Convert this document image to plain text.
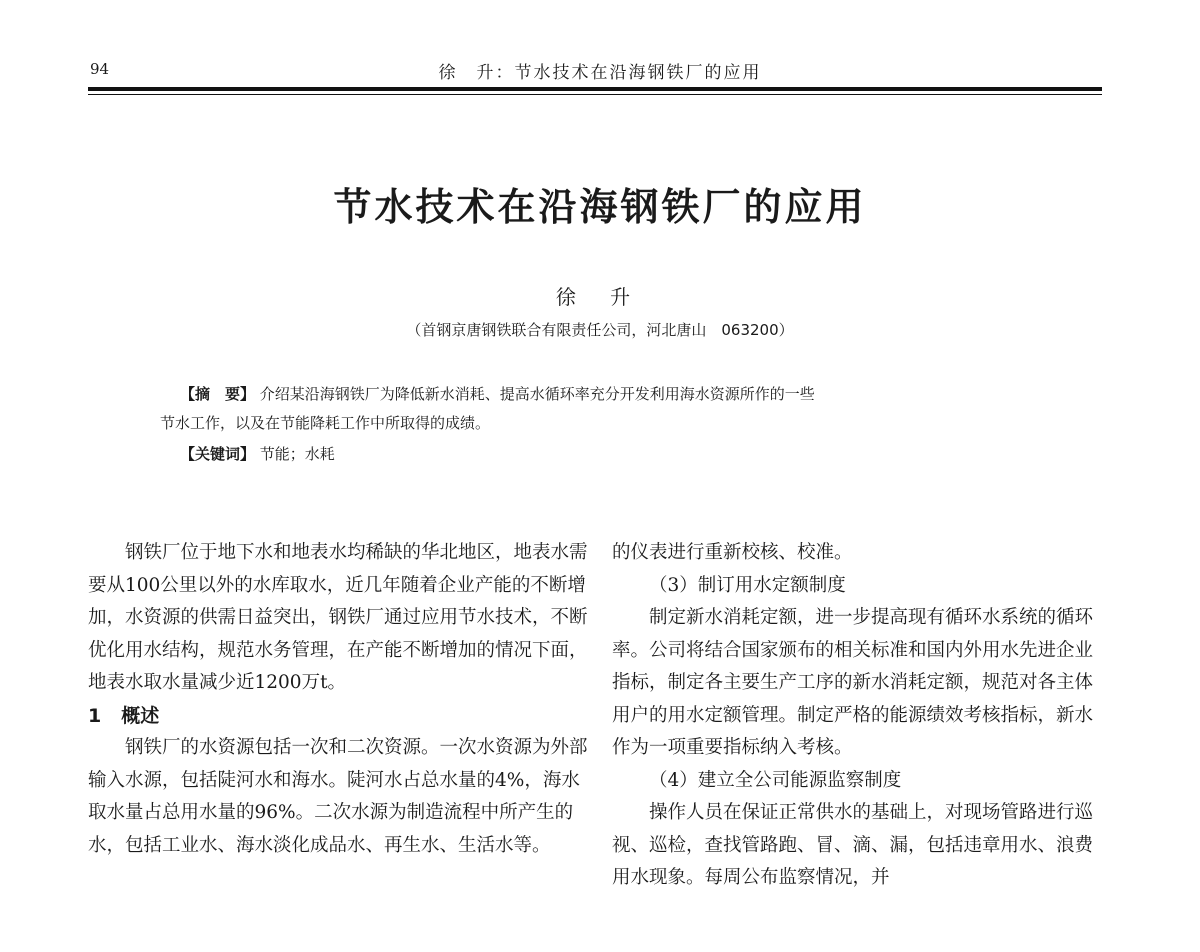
94	徐　升：节水技术在沿海钢铁厂的应用
节水技术在沿海钢铁厂的应用
徐 升
（首钢京唐钢铁联合有限责任公司，河北唐山　063200）
【摘　要】 介绍某沿海钢铁厂为降低新水消耗、提高水循环率充分开发利用海水资源所作的一些
节水工作，以及在节能降耗工作中所取得的成绩。
【关键词】 节能；水耗

钢铁厂位于地下水和地表水均稀缺的华北地区，地表水需要从100公里以外的水库取水，近几年随着企业产能的不断增加，水资源的供需日益突出，钢铁厂通过应用节水技术，不断优化用水结构，规范水务管理，在产能不断增加的情况下面，地表水取水量减少近1200万t。

1 概述

钢铁厂的水资源包括一次和二次资源。一次水资源为外部输入水源，包括陡河水和海水。陡河水占总水量的4%，海水取水量占总用水量的96%。二次水源为制造流程中所产生的水，包括工业水、海水淡化成品水、再生水、生活水等。

的仪表进行重新校核、校准。

（3）制订用水定额制度

制定新水消耗定额，进一步提高现有循环水系统的循环率。公司将结合国家颁布的相关标准和国内外用水先进企业指标，制定各主要生产工序的新水消耗定额，规范对各主体用户的用水定额管理。制定严格的能源绩效考核指标，新水作为一项重要指标纳入考核。

（4）建立全公司能源监察制度

操作人员在保证正常供水的基础上，对现场管路进行巡视、巡检，查找管路跑、冒、滴、漏，包括违章用水、浪费用水现象。每周公布监察情况，并
